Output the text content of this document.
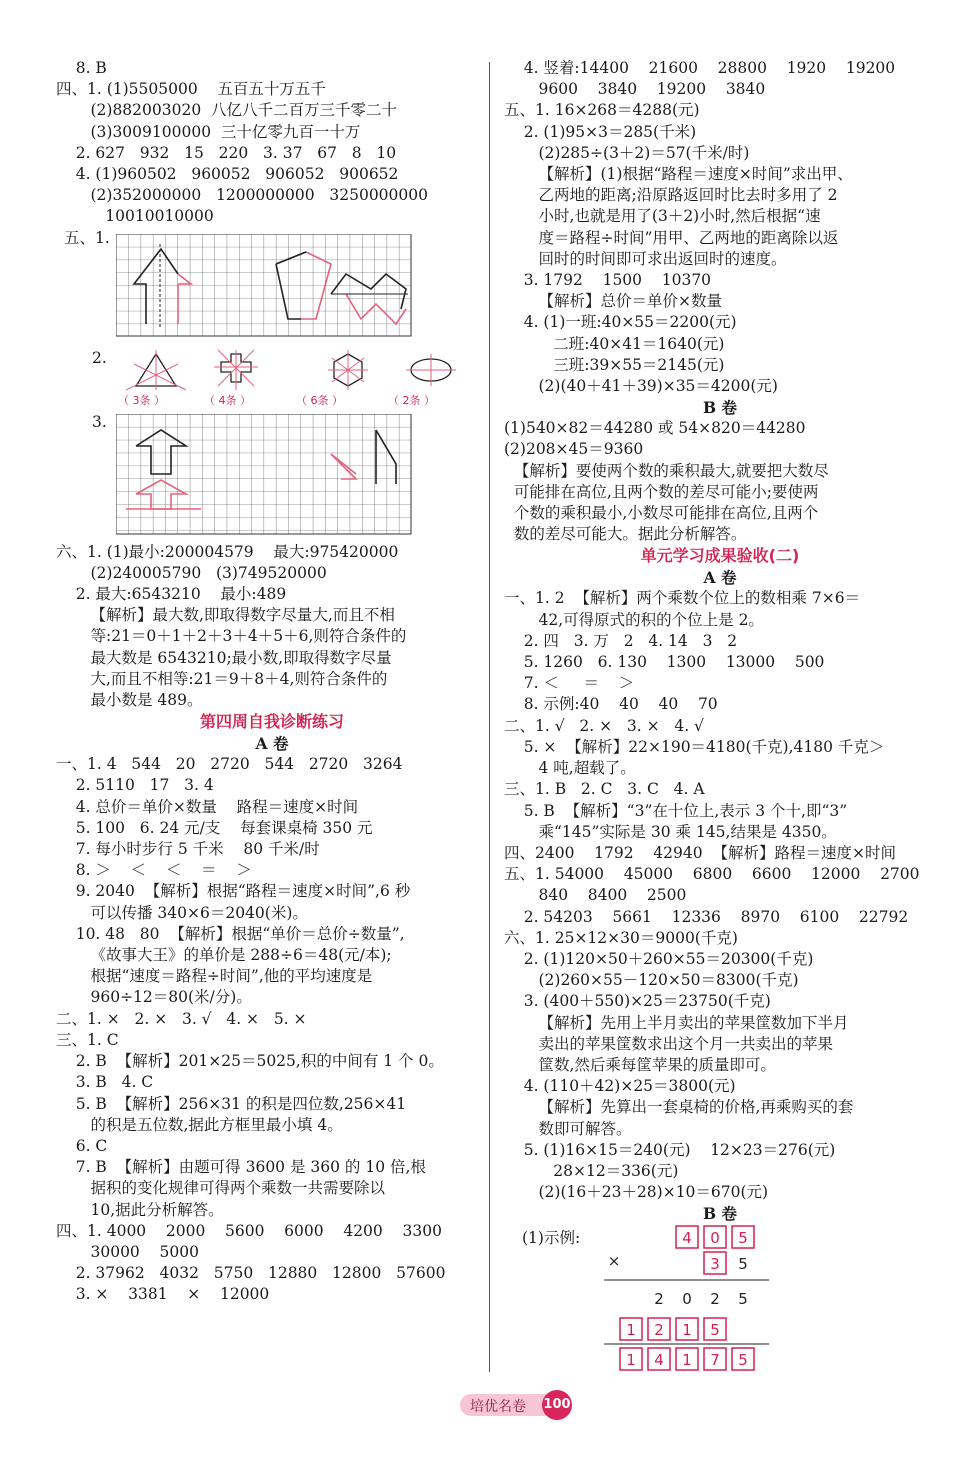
8. B
四、1. (1)5505000    五百五十万五千
(2)882003020  八亿八千二百万三千零二十
(3)3009100000  三十亿零九百一十万
2. 627   932   15   220   3. 37   67   8   10
4. (1)960502   960052   906052   900652
(2)352000000   1200000000   3250000000
10010010000
五、1.
2.
（ 3条 ）	（ 4条 ）	（ 6条 ）	（ 2条 ）
3.
六、1. (1)最小:200004579    最大:975420000
(2)240005790   (3)749520000
2. 最大:6543210    最小:489
【解析】最大数,即取得数字尽量大,而且不相
等:21＝0＋1＋2＋3＋4＋5＋6,则符合条件的
最大数是 6543210;最小数,即取得数字尽量
大,而且不相等:21＝9＋8＋4,则符合条件的
最小数是 489。
第四周自我诊断练习
A 卷
一、1. 4   544   20   2720   544   2720   3264
2. 5110   17   3. 4
4. 总价＝单价×数量    路程＝速度×时间
5. 100   6. 24 元/支    每套课桌椅 350 元
7. 每小时步行 5 千米    80 千米/时
8. ＞    ＜    ＜    ＝    ＞
9. 2040  【解析】根据“路程＝速度×时间”,6 秒
可以传播 340×6＝2040(米)。
10. 48   80  【解析】根据“单价＝总价÷数量”,
《故事大王》的单价是 288÷6＝48(元/本);
根据“速度＝路程÷时间”,他的平均速度是
960÷12＝80(米/分)。
二、1. ×   2. ×   3. √   4. ×   5. ×
三、1. C
2. B  【解析】201×25＝5025,积的中间有 1 个 0。
3. B   4. C
5. B  【解析】256×31 的积是四位数,256×41
的积是五位数,据此方框里最小填 4。
6. C
7. B  【解析】由题可得 3600 是 360 的 10 倍,根
据积的变化规律可得两个乘数一共需要除以
10,据此分析解答。
四、1. 4000    2000    5600    6000    4200    3300
30000    5000
2. 37962   4032   5750   12880   12800   57600
3. ×    3381    ×    12000
4. 竖着:14400    21600    28800    1920    19200
9600    3840    19200    3840
五、1. 16×268＝4288(元)
2. (1)95×3＝285(千米)
(2)285÷(3＋2)＝57(千米/时)
【解析】(1)根据“路程＝速度×时间”求出甲、
乙两地的距离;沿原路返回时比去时多用了 2
小时,也就是用了(3＋2)小时,然后根据“速
度＝路程÷时间”用甲、乙两地的距离除以返
回时的时间即可求出返回时的速度。
3. 1792    1500    10370
【解析】总价＝单价×数量
4. (1)一班:40×55＝2200(元)
二班:40×41＝1640(元)
三班:39×55＝2145(元)
(2)(40＋41＋39)×35＝4200(元)
B 卷
(1)540×82＝44280 或 54×820＝44280
(2)208×45＝9360
【解析】要使两个数的乘积最大,就要把大数尽
可能排在高位,且两个数的差尽可能小;要使两
个数的乘积最小,小数尽可能排在高位,且两个
数的差尽可能大。据此分析解答。
单元学习成果验收(二)
A 卷
一、1. 2  【解析】两个乘数个位上的数相乘 7×6＝
42,可得原式的积的个位上是 2。
2. 四   3. 万   2   4. 14   3   2
5. 1260   6. 130    1300    13000    500
7. ＜     ＝    ＞
8. 示例:40    40    40    70
二、1. √   2. ×   3. ×   4. √
5. ×  【解析】22×190＝4180(千克),4180 千克＞
4 吨,超载了。
三、1. B   2. C   3. C   4. A
5. B  【解析】“3”在十位上,表示 3 个十,即“3”
乘“145”实际是 30 乘 145,结果是 4350。
四、2400    1792    42940  【解析】路程＝速度×时间
五、1. 54000    45000    6800    6600    12000    2700
840    8400    2500
2. 54203    5661    12336    8970    6100    22792
六、1. 25×12×30＝9000(千克)
2. (1)120×50＋260×55＝20300(千克)
(2)260×55－120×50＝8300(千克)
3. (400＋550)×25＝23750(千克)
【解析】先用上半月卖出的苹果筐数加下半月
卖出的苹果筐数求出这个月一共卖出的苹果
筐数,然后乘每筐苹果的质量即可。
4. (110＋42)×25＝3800(元)
【解析】先算出一套桌椅的价格,再乘购买的套
数即可解答。
5. (1)16×15＝240(元)    12×23＝276(元)
28×12＝336(元)
(2)(16＋23＋28)×10＝670(元)
B 卷
(1)示例:	4 0 5
×	3 5
2 0 2 5
1 2 1 5
1 4 1 7 5
培优名卷 100
